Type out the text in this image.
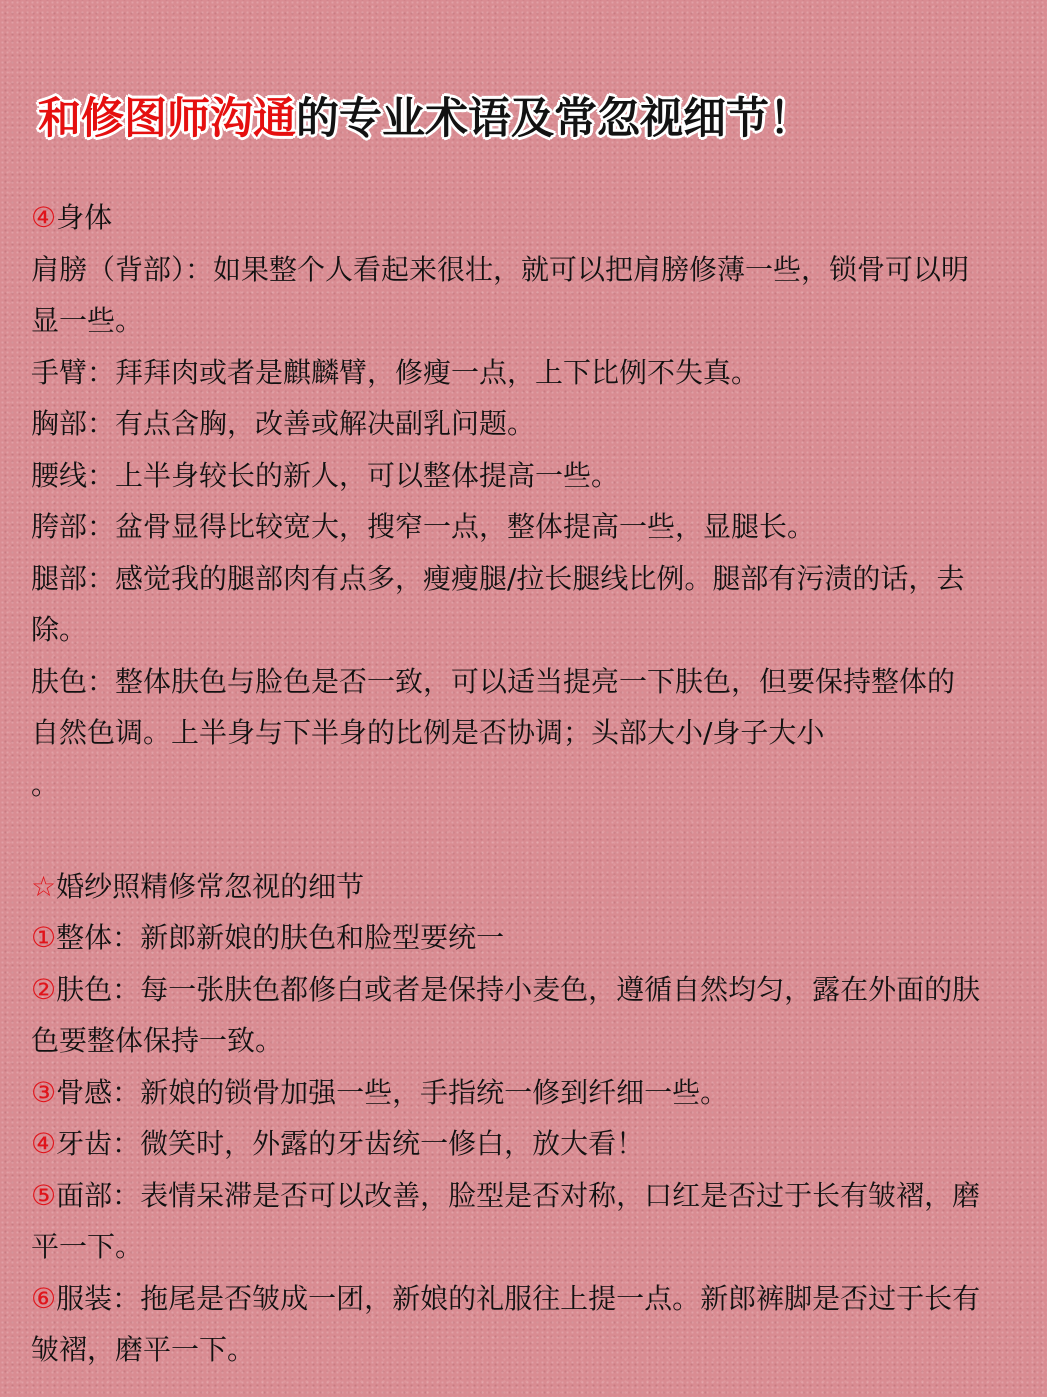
和修图师沟通的专业术语及常忽视细节！
④身体
肩膀（背部）：如果整个人看起来很壮，就可以把肩膀修薄一些，锁骨可以明显一些。
手臂：拜拜肉或者是麒麟臂，修瘦一点，上下比例不失真。
胸部：有点含胸，改善或解决副乳问题。
腰线：上半身较长的新人，可以整体提高一些。
胯部：盆骨显得比较宽大，搜窄一点，整体提高一些，显腿长。
腿部：感觉我的腿部肉有点多，瘦瘦腿/拉长腿线比例。腿部有污渍的话，去除。
肤色：整体肤色与脸色是否一致，可以适当提亮一下肤色，但要保持整体的自然色调。上半身与下半身的比例是否协调；头部大小/身子大小
。
☆婚纱照精修常忽视的细节
①整体：新郎新娘的肤色和脸型要统一
②肤色：每一张肤色都修白或者是保持小麦色，遵循自然均匀，露在外面的肤色要整体保持一致。
③骨感：新娘的锁骨加强一些，手指统一修到纤细一些。
④牙齿：微笑时，外露的牙齿统一修白，放大看！
⑤面部：表情呆滞是否可以改善，脸型是否对称，口红是否过于长有皱褶，磨平一下。
⑥服装：拖尾是否皱成一团，新娘的礼服往上提一点。新郎裤脚是否过于长有皱褶，磨平一下。
